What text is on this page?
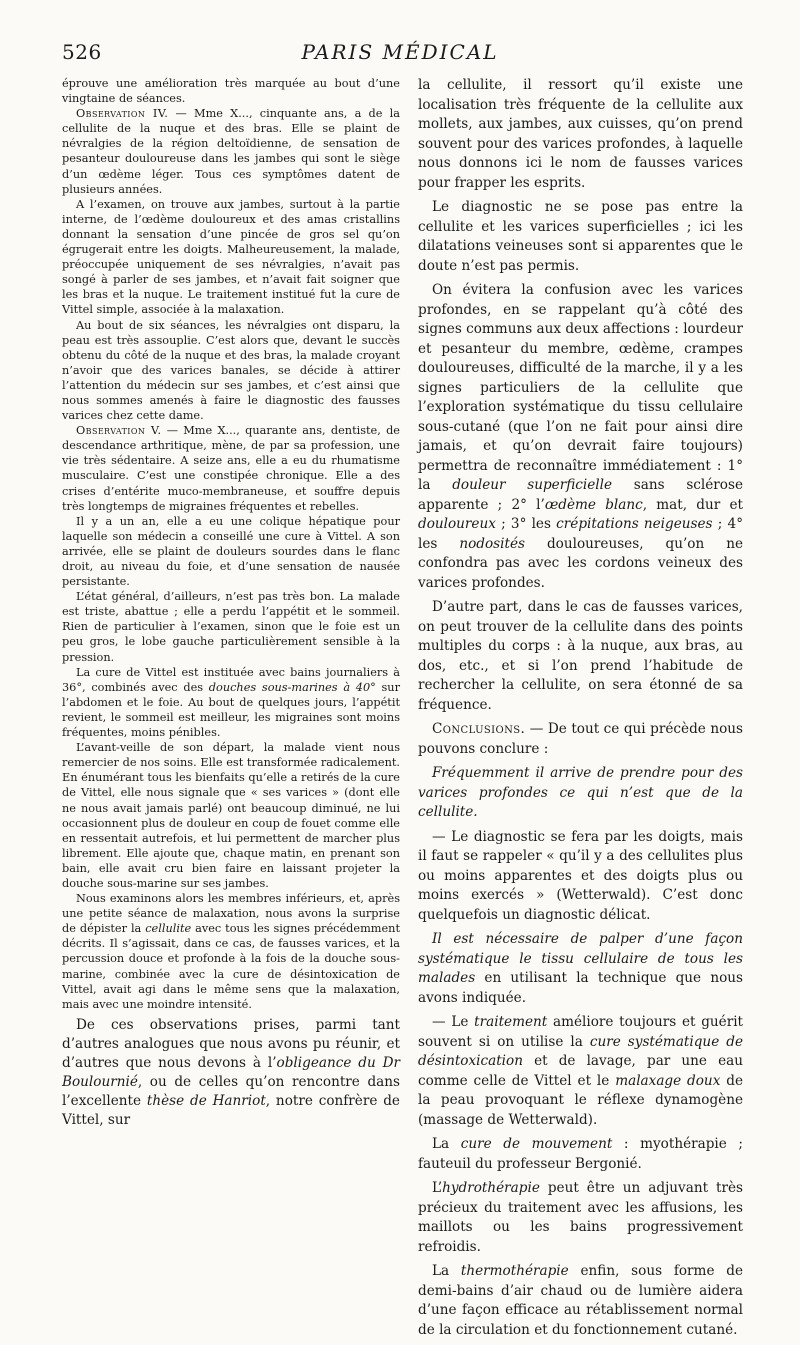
526	PARIS MÉDICAL

éprouve une amélioration très marquée au bout d’une vingtaine de séances.

Observation IV. — Mme X..., cinquante ans, a de la cellulite de la nuque et des bras. Elle se plaint de névralgies de la région deltoïdienne, de sensation de pesanteur douloureuse dans les jambes qui sont le siège d’un œdème léger. Tous ces symptômes datent de plusieurs années.

A l’examen, on trouve aux jambes, surtout à la partie interne, de l’œdème douloureux et des amas cristallins donnant la sensation d’une pincée de gros sel qu’on égrugerait entre les doigts. Malheureusement, la malade, préoccupée uniquement de ses névralgies, n’avait pas songé à parler de ses jambes, et n’avait fait soigner que les bras et la nuque. Le traitement institué fut la cure de Vittel simple, associée à la malaxation.

Au bout de six séances, les névralgies ont disparu, la peau est très assouplie. C’est alors que, devant le succès obtenu du côté de la nuque et des bras, la malade croyant n’avoir que des varices banales, se décide à attirer l’attention du médecin sur ses jambes, et c’est ainsi que nous sommes amenés à faire le diagnostic des fausses varices chez cette dame.

Observation V. — Mme X..., quarante ans, dentiste, de descendance arthritique, mène, de par sa profession, une vie très sédentaire. A seize ans, elle a eu du rhumatisme musculaire. C’est une constipée chronique. Elle a des crises d’entérite muco-membraneuse, et souffre depuis très longtemps de migraines fréquentes et rebelles.

Il y a un an, elle a eu une colique hépatique pour laquelle son médecin a conseillé une cure à Vittel. A son arrivée, elle se plaint de douleurs sourdes dans le flanc droit, au niveau du foie, et d’une sensation de nausée persistante.

L’état général, d’ailleurs, n’est pas très bon. La malade est triste, abattue ; elle a perdu l’appétit et le sommeil. Rien de particulier à l’examen, sinon que le foie est un peu gros, le lobe gauche particulièrement sensible à la pression.

La cure de Vittel est instituée avec bains journaliers à 36°, combinés avec des douches sous-marines à 40° sur l’abdomen et le foie. Au bout de quelques jours, l’appétit revient, le sommeil est meilleur, les migraines sont moins fréquentes, moins pénibles.

L’avant-veille de son départ, la malade vient nous remercier de nos soins. Elle est transformée radicalement. En énumérant tous les bienfaits qu’elle a retirés de la cure de Vittel, elle nous signale que « ses varices » (dont elle ne nous avait jamais parlé) ont beaucoup diminué, ne lui occasionnent plus de douleur en coup de fouet comme elle en ressentait autrefois, et lui permettent de marcher plus librement. Elle ajoute que, chaque matin, en prenant son bain, elle avait cru bien faire en laissant projeter la douche sous-marine sur ses jambes.

Nous examinons alors les membres inférieurs, et, après une petite séance de malaxation, nous avons la surprise de dépister la cellulite avec tous les signes précédemment décrits. Il s’agissait, dans ce cas, de fausses varices, et la percussion douce et profonde à la fois de la douche sous-marine, combinée avec la cure de désintoxication de Vittel, avait agi dans le même sens que la malaxation, mais avec une moindre intensité.

De ces observations prises, parmi tant d’autres analogues que nous avons pu réunir, et d’autres que nous devons à l’obligeance du Dr Boulournié, ou de celles qu’on rencontre dans l’excellente thèse de Hanriot, notre confrère de Vittel, sur

la cellulite, il ressort qu’il existe une localisation très fréquente de la cellulite aux mollets, aux jambes, aux cuisses, qu’on prend souvent pour des varices profondes, à laquelle nous donnons ici le nom de fausses varices pour frapper les esprits.

Le diagnostic ne se pose pas entre la cellulite et les varices superficielles ; ici les dilatations veineuses sont si apparentes que le doute n’est pas permis.

On évitera la confusion avec les varices profondes, en se rappelant qu’à côté des signes communs aux deux affections : lourdeur et pesanteur du membre, œdème, crampes douloureuses, difficulté de la marche, il y a les signes particuliers de la cellulite que l’exploration systématique du tissu cellulaire sous-cutané (que l’on ne fait pour ainsi dire jamais, et qu’on devrait faire toujours) permettra de reconnaître immédiatement : 1° la douleur superficielle sans sclérose apparente ; 2° l’œdème blanc, mat, dur et douloureux ; 3° les crépitations neigeuses ; 4° les nodosités douloureuses, qu’on ne confondra pas avec les cordons veineux des varices profondes.

D’autre part, dans le cas de fausses varices, on peut trouver de la cellulite dans des points multiples du corps : à la nuque, aux bras, au dos, etc., et si l’on prend l’habitude de rechercher la cellulite, on sera étonné de sa fréquence.

Conclusions. — De tout ce qui précède nous pouvons conclure :

Fréquemment il arrive de prendre pour des varices profondes ce qui n’est que de la cellulite.

— Le diagnostic se fera par les doigts, mais il faut se rappeler « qu’il y a des cellulites plus ou moins apparentes et des doigts plus ou moins exercés » (Wetterwald). C’est donc quelquefois un diagnostic délicat.

Il est nécessaire de palper d’une façon systématique le tissu cellulaire de tous les malades en utilisant la technique que nous avons indiquée.

— Le traitement améliore toujours et guérit souvent si on utilise la cure systématique de désintoxication et de lavage, par une eau comme celle de Vittel et le malaxage doux de la peau provoquant le réflexe dynamogène (massage de Wetterwald).

La cure de mouvement : myothérapie ; fauteuil du professeur Bergonié.

L’hydrothérapie peut être un adjuvant très précieux du traitement avec les affusions, les maillots ou les bains progressivement refroidis.

La thermothérapie enfin, sous forme de demi-bains d’air chaud ou de lumière aidera d’une façon efficace au rétablissement normal de la circulation et du fonctionnement cutané.
